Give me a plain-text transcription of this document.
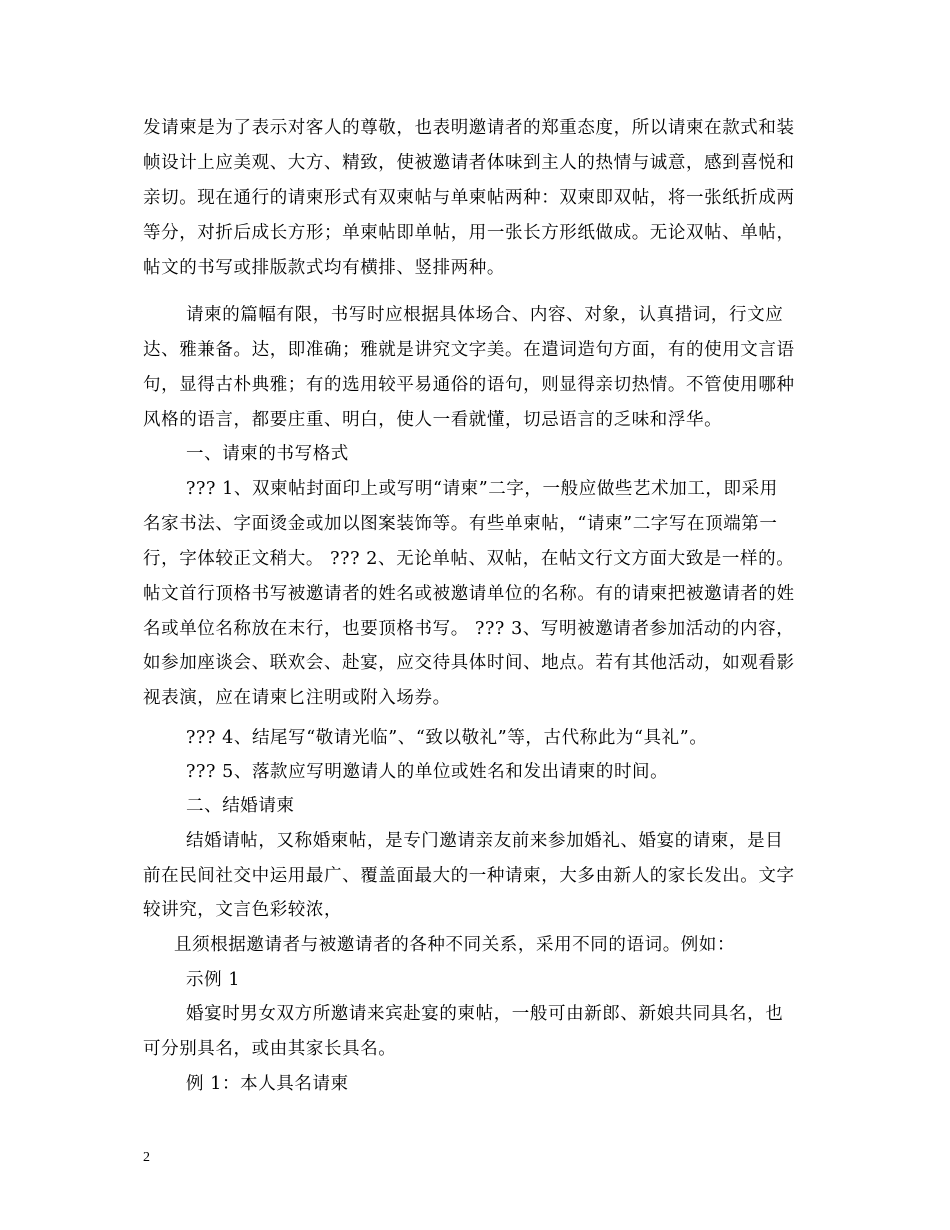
发请柬是为了表示对客人的尊敬，也表明邀请者的郑重态度，所以请柬在款式和装
帧设计上应美观、大方、精致，使被邀请者体味到主人的热情与诚意，感到喜悦和
亲切。现在通行的请柬形式有双柬帖与单柬帖两种：双柬即双帖，将一张纸折成两
等分，对折后成长方形；单柬帖即单帖，用一张长方形纸做成。无论双帖、单帖，
帖文的书写或排版款式均有横排、竖排两种。
请柬的篇幅有限，书写时应根据具体场合、内容、对象，认真措词，行文应
达、雅兼备。达，即准确；雅就是讲究文字美。在遣词造句方面，有的使用文言语
句，显得古朴典雅；有的选用较平易通俗的语句，则显得亲切热情。不管使用哪种
风格的语言，都要庄重、明白，使人一看就懂，切忌语言的乏味和浮华。
一、请柬的书写格式
??? 1、双柬帖封面印上或写明“请柬”二字，一般应做些艺术加工，即采用
名家书法、字面烫金或加以图案装饰等。有些单柬帖，“请柬”二字写在顶端第一
行，字体较正文稍大。 ??? 2、无论单帖、双帖，在帖文行文方面大致是一样的。
帖文首行顶格书写被邀请者的姓名或被邀请单位的名称。有的请柬把被邀请者的姓
名或单位名称放在末行，也要顶格书写。 ??? 3、写明被邀请者参加活动的内容，
如参加座谈会、联欢会、赴宴，应交待具体时间、地点。若有其他活动，如观看影
视表演，应在请柬匕注明或附入场券。
??? 4、结尾写“敬请光临”、“致以敬礼”等，古代称此为“具礼”。
??? 5、落款应写明邀请人的单位或姓名和发出请柬的时间。
二、结婚请柬
结婚请帖，又称婚柬帖，是专门邀请亲友前来参加婚礼、婚宴的请柬，是目
前在民间社交中运用最广、覆盖面最大的一种请柬，大多由新人的家长发出。文字
较讲究，文言色彩较浓，
且须根据邀请者与被邀请者的各种不同关系，采用不同的语词。例如：
示例 1
婚宴时男女双方所邀请来宾赴宴的柬帖，一般可由新郎、新娘共同具名，也
可分别具名，或由其家长具名。
例 1：本人具名请柬
2
